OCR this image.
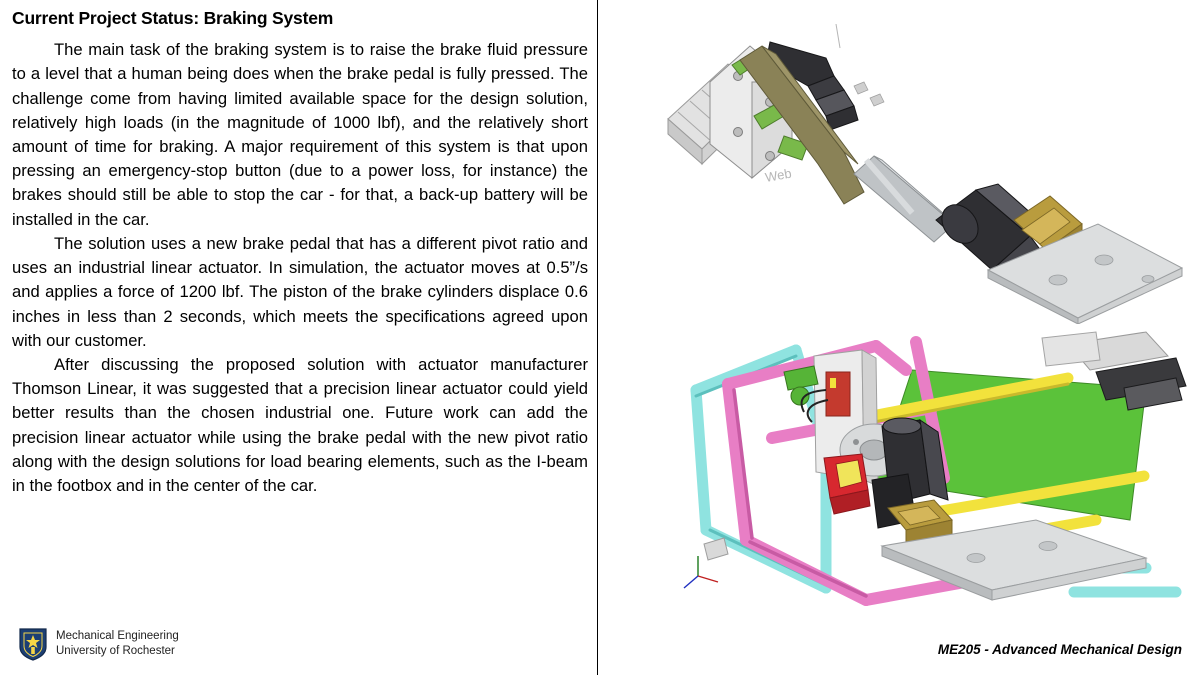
Current Project Status: Braking System

The main task of the braking system is to raise the brake fluid pressure to a level that a human being does when the brake pedal is fully pressed. The challenge come from having limited available space for the design solution, relatively high loads (in the magnitude of 1000 lbf), and the relatively short amount of time for braking. A major requirement of this system is that upon pressing an emergency-stop button (due to a power loss, for instance) the brakes should still be able to stop the car - for that, a back-up battery will be installed in the car.

The solution uses a new brake pedal that has a different pivot ratio and uses an industrial linear actuator. In simulation, the actuator moves at 0.5”/s and applies a force of 1200 lbf. The piston of the brake cylinders displace 0.6 inches in less than 2 seconds, which meets the specifications agreed upon with our customer.

After discussing the proposed solution with actuator manufacturer Thomson Linear, it was suggested that a precision linear actuator could yield better results than the chosen industrial one. Future work can add the precision linear actuator while using the brake pedal with the new pivot ratio along with the design solutions for load bearing elements, such as the I-beam in the footbox and in the center of the car.

Mechanical Engineering
University of Rochester
Web
ME205 - Advanced Mechanical Design
